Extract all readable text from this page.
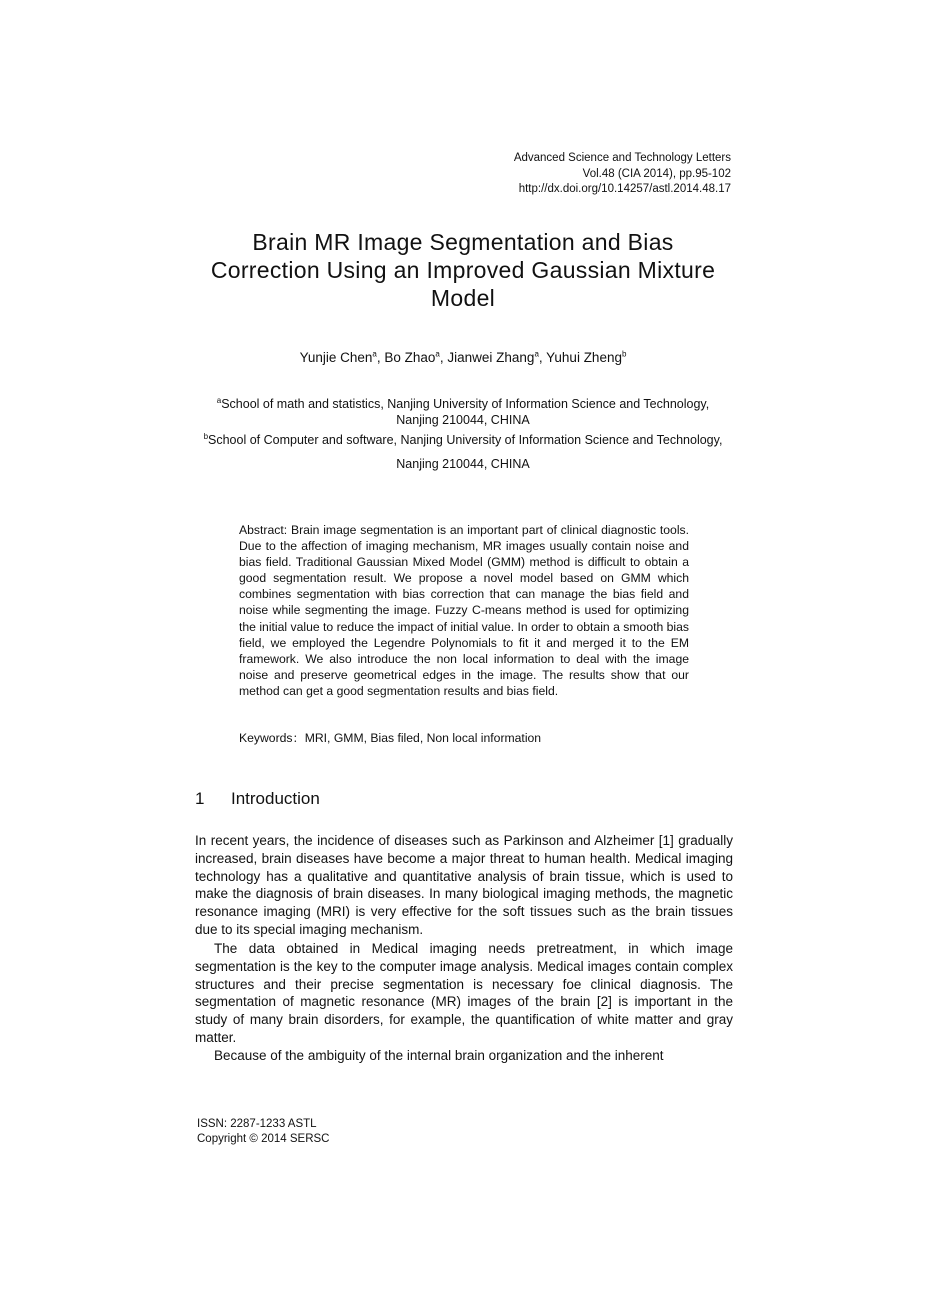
Advanced Science and Technology Letters
Vol.48 (CIA 2014), pp.95-102
http://dx.doi.org/10.14257/astl.2014.48.17
Brain MR Image Segmentation and Bias
Correction Using an Improved Gaussian Mixture
Model
Yunjie Chen$^a$, Bo Zhao$^a$, Jianwei Zhang$^a$, Yuhui Zheng$^b$
$^a$School of math and statistics, Nanjing University of Information Science and Technology,
Nanjing 210044, CHINA
$^b$School of Computer and software, Nanjing University of Information Science and Technology,
Nanjing 210044, CHINA

Abstract: Brain image segmentation is an important part of clinical diagnostic tools. Due to the affection of imaging mechanism, MR images usually contain noise and bias field. Traditional Gaussian Mixed Model (GMM) method is difficult to obtain a good segmentation result. We propose a novel model based on GMM which combines segmentation with bias correction that can manage the bias field and noise while segmenting the image. Fuzzy C-means method is used for optimizing the initial value to reduce the impact of initial value. In order to obtain a smooth bias field, we employed the Legendre Polynomials to fit it and merged it to the EM framework. We also introduce the non local information to deal with the image noise and preserve geometrical edges in the image. The results show that our method can get a good segmentation results and bias field.

Keywords：MRI, GMM, Bias filed, Non local information
1 Introduction

In recent years, the incidence of diseases such as Parkinson and Alzheimer [1] gradually increased, brain diseases have become a major threat to human health. Medical imaging technology has a qualitative and quantitative analysis of brain tissue, which is used to make the diagnosis of brain diseases. In many biological imaging methods, the magnetic resonance imaging (MRI) is very effective for the soft tissues such as the brain tissues due to its special imaging mechanism.

The data obtained in Medical imaging needs pretreatment, in which image segmentation is the key to the computer image analysis. Medical images contain complex structures and their precise segmentation is necessary foe clinical diagnosis. The segmentation of magnetic resonance (MR) images of the brain [2] is important in the study of many brain disorders, for example, the quantification of white matter and gray matter.

Because of the ambiguity of the internal brain organization and the inherent

ISSN: 2287-1233 ASTL
Copyright © 2014 SERSC
